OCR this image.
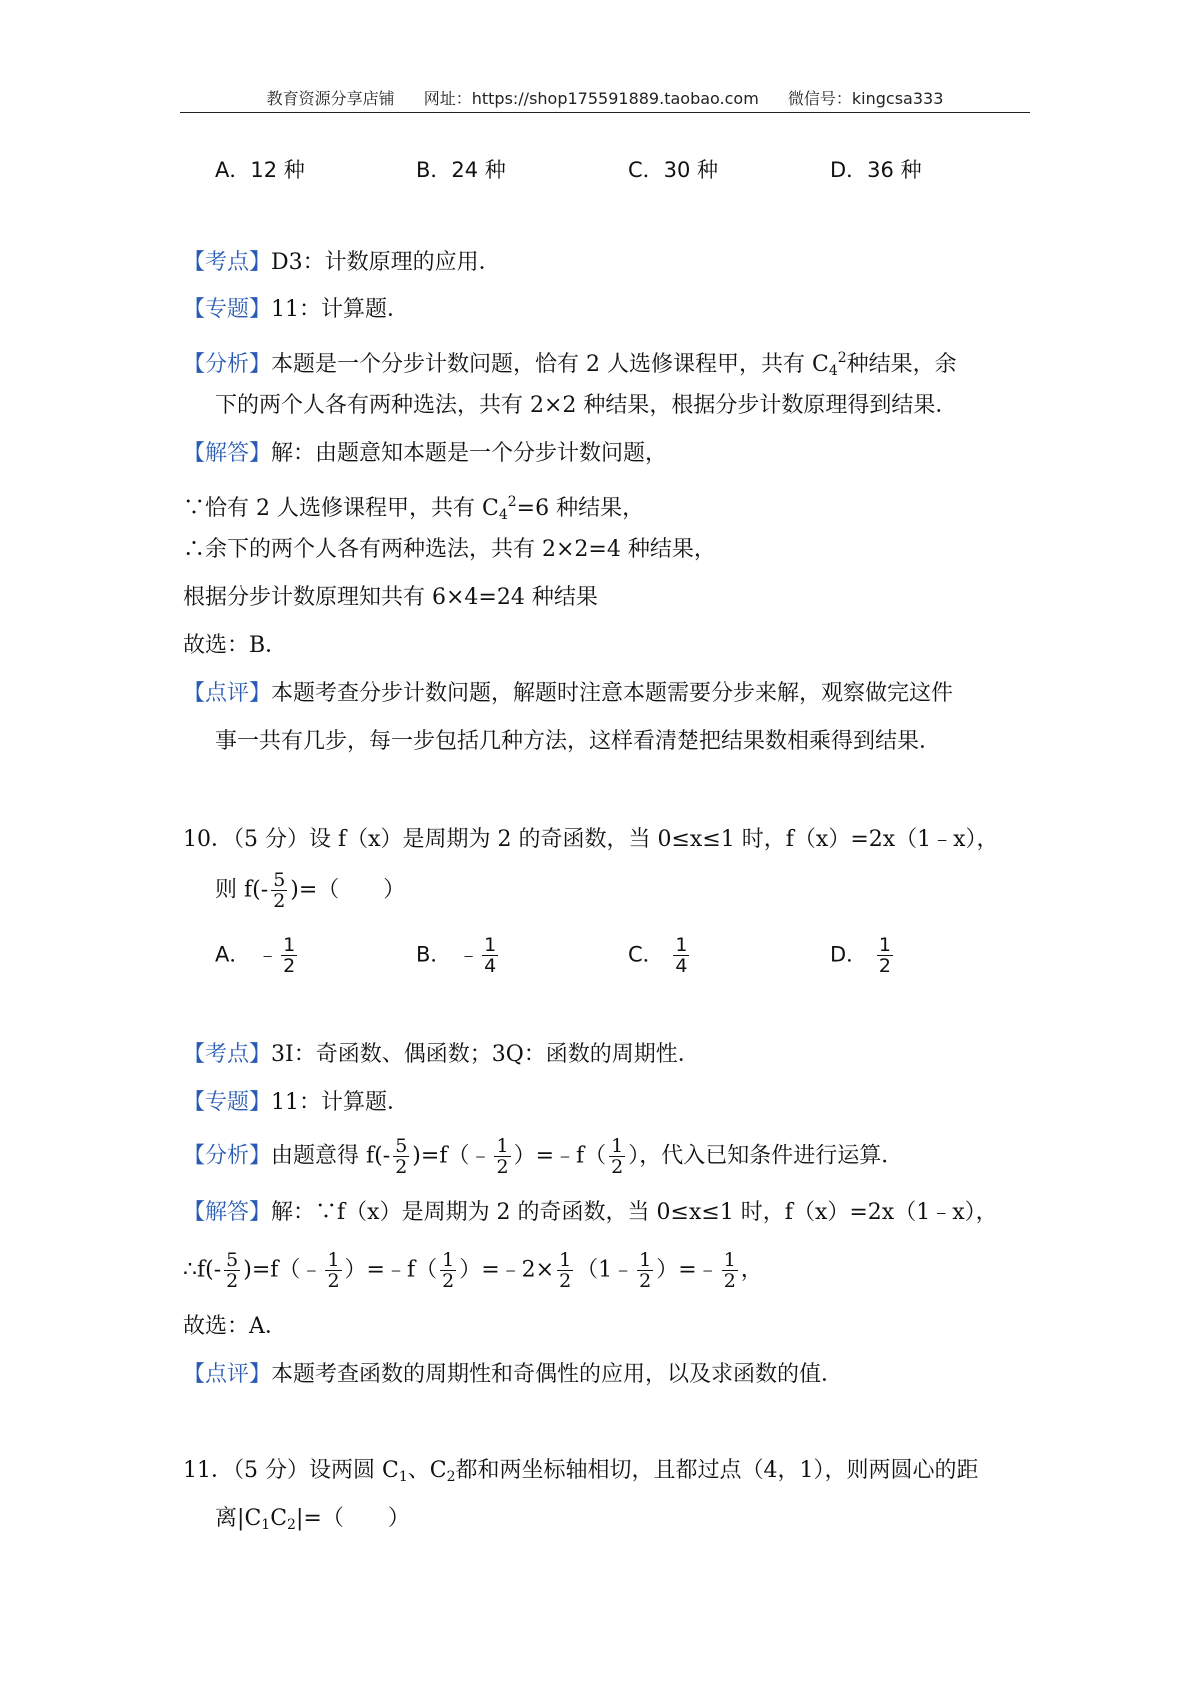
教育资源分享店铺 网址：https://shop175591889.taobao.com 微信号：kingcsa333
A．12 种	B．24 种	C．30 种	D．36 种
【考点】D3：计数原理的应用．
【专题】11：计算题．
【分析】本题是一个分步计数问题，恰有 2 人选修课程甲，共有 $C_4^2$种结果，余
下的两个人各有两种选法，共有 2×2 种结果，根据分步计数原理得到结果．
【解答】解：由题意知本题是一个分步计数问题，
∵恰有 2 人选修课程甲，共有 $C_4^2=6$ 种结果，
∴余下的两个人各有两种选法，共有 2×2=4 种结果，
根据分步计数原理知共有 6×4=24 种结果
故选：B．
【点评】本题考查分步计数问题，解题时注意本题需要分步来解，观察做完这件
事一共有几步，每一步包括几种方法，这样看清楚把结果数相乘得到结果．
10．（5 分）设 f（x）是周期为 2 的奇函数，当 0≤x≤1 时，f（x）=2x（1﹣x），
则 $f(- \frac{5}{2}$ )=（　　）
A． ﹣ $\frac{1}{2}$	B． ﹣ $\frac{1}{4}$	C． $\frac{1}{4}$	D． $\frac{1}{2}$
【考点】3I：奇函数、偶函数；3Q：函数的周期性．
【专题】11：计算题．
【分析】由题意得 $f(- \frac{5}{2}$ )=f（﹣ $\frac{1}{2}$ ）=﹣f（ $\frac{1}{2}$ ），代入已知条件进行运算．
【解答】解：∵f（x）是周期为 2 的奇函数，当 0≤x≤1 时，f（x）=2x（1﹣x），
∴f(- $\frac{5}{2}$ )=f（﹣ $\frac{1}{2}$ ）=﹣f（ $\frac{1}{2}$ ）=﹣2× $\frac{1}{2}$ （1﹣ $\frac{1}{2}$ ）=﹣ $\frac{1}{2}$ ，
故选：A．
【点评】本题考查函数的周期性和奇偶性的应用，以及求函数的值．
11．（5 分）设两圆 $C_1$、$C_2$都和两坐标轴相切，且都过点（4，1），则两圆心的距
离$|C_1C_2|=$（　　）
